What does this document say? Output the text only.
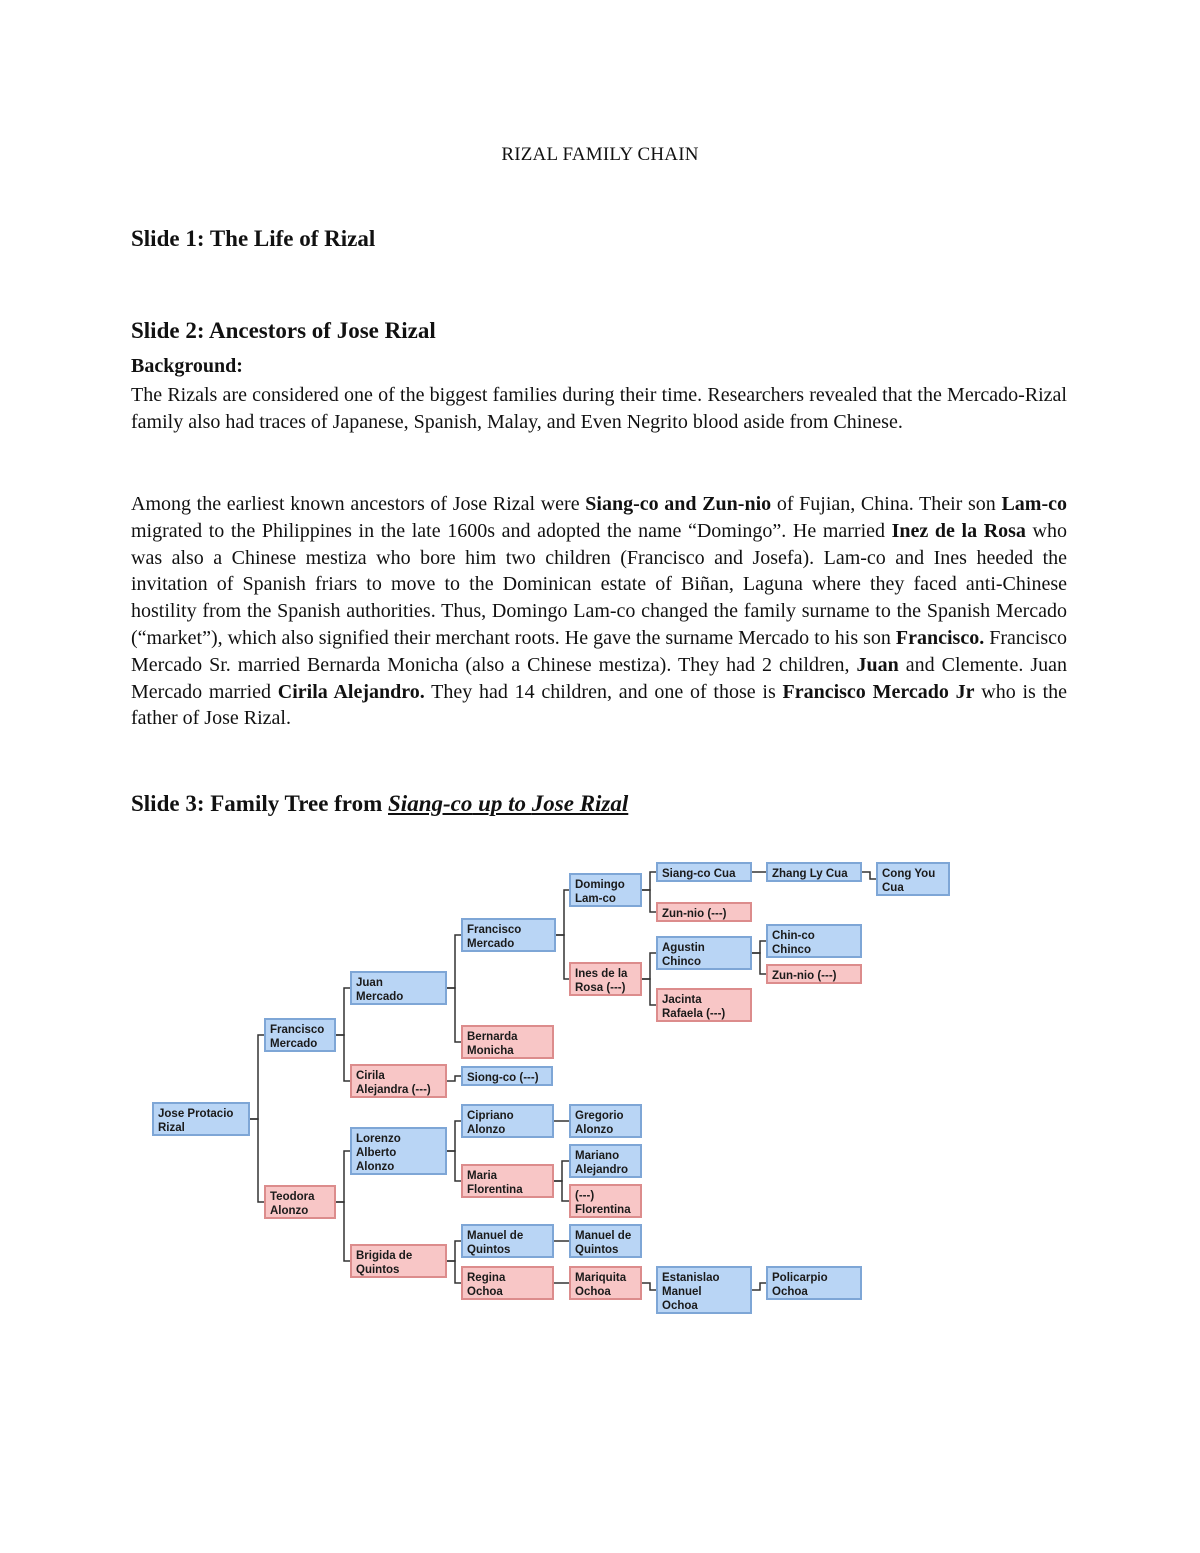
RIZAL FAMILY CHAIN
Slide 1: The Life of Rizal
Slide 2: Ancestors of Jose Rizal

Background:

The Rizals are considered one of the biggest families during their time. Researchers revealed that the Mercado-Rizal family also had traces of Japanese, Spanish, Malay, and Even Negrito blood aside from Chinese.

Among the earliest known ancestors of Jose Rizal were Siang-co and Zun-nio of Fujian, China. Their son Lam-co migrated to the Philippines in the late 1600s and adopted the name “Domingo”. He married Inez de la Rosa who was also a Chinese mestiza who bore him two children (Francisco and Josefa). Lam-co and Ines heeded the invitation of Spanish friars to move to the Dominican estate of Biñan, Laguna where they faced anti-Chinese hostility from the Spanish authorities. Thus, Domingo Lam-co changed the family surname to the Spanish Mercado (“market”), which also signified their merchant roots. He gave the surname Mercado to his son Francisco. Francisco Mercado Sr. married Bernarda Monicha (also a Chinese mestiza). They had 2 children, Juan and Clemente. Juan Mercado married Cirila Alejandro. They had 14 children, and one of those is Francisco Mercado Jr who is the father of Jose Rizal.

Slide 3: Family Tree from Siang-co up to Jose Rizal
Jose Protacio
Rizal
Francisco
Mercado
Teodora
Alonzo
Juan
Mercado
Cirila
Alejandra (---)
Francisco
Mercado
Bernarda
Monicha
Siong-co (---)
Domingo
Lam-co
Ines de la
Rosa (---)
Siang-co Cua
Zun-nio (---)
Zhang Ly Cua	Cong You
Cua
Agustin
Chinco
Jacinta
Rafaela (---)
Chin-co
Chinco
Zun-nio (---)
Lorenzo
Alberto
Alonzo
Brigida de
Quintos
Cipriano
Alonzo
Maria
Florentina
Gregorio
Alonzo
Mariano
Alejandro
(---)
Florentina
Manuel de
Quintos
Regina
Ochoa
Manuel de
Quintos
Mariquita
Ochoa
Estanislao
Manuel
Ochoa
Policarpio
Ochoa
